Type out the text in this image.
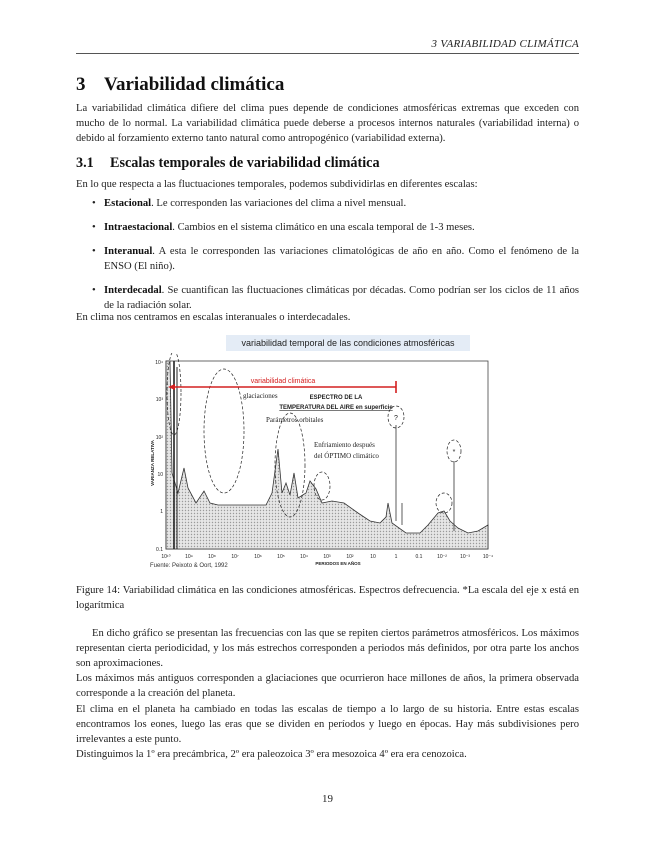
3 VARIABILIDAD CLIMÁTICA
3 Variabilidad climática
La variabilidad climática difiere del clima pues depende de condiciones atmosféricas extremas que exceden con mucho de lo normal. La variabilidad climática puede deberse a procesos internos naturales (variabilidad interna) o debido al forzamiento externo tanto natural como antropogénico (variabilidad externa).
3.1 Escalas temporales de variabilidad climática
En lo que respecta a las fluctuaciones temporales, podemos subdividirlas en diferentes escalas:
• Estacional. Le corresponden las variaciones del clima a nivel mensual.
• Intraestacional. Cambios en el sistema climático en una escala temporal de 1-3 meses.
• Interanual. A esta le corresponden las variaciones climatológicas de año en año. Como el fenómeno de la ENSO (El niño).
• Interdecadal. Se cuantifican las fluctuaciones climáticas por décadas. Como podrían ser los ciclos de 11 años de la radiación solar.
En clima nos centramos en escalas interanuales o interdecadales.
variabilidad temporal de las condiciones atmosféricas
variabilidad climática
glaciaciones	ESPECTRO DE LA
TEMPERATURA DEL AIRE en superficie
Parámetros orbitales
Enfriamiento después
del ÓPTIMO climático
?
*
10⁴
10³
10²
10
1
0.1
VARIANZA RELATIVA
10¹⁰	10⁹	10⁸	10⁷	10⁶	10⁵	10⁴	10³	10²	10	1	0.1	10⁻²	10⁻³	10⁻⁴
PERIODOS EN AÑOS
Fuente: Peixoto & Oort, 1992
Figure 14: Variabilidad climática en las condiciones atmosféricas. Espectros defrecuencia. *La escala del eje x está en logarítmica
En dicho gráfico se presentan las frecuencias con las que se repiten ciertos parámetros atmosféricos. Los máximos representan cierta periodicidad, y los más estrechos corresponden a periodos más definidos, por otra parte los anchos son aproximaciones.
Los máximos más antiguos corresponden a glaciaciones que ocurrieron hace millones de años, la primera observada corresponde a la creación del planeta.
El clima en el planeta ha cambiado en todas las escalas de tiempo a lo largo de su historia. Entre estas escalas encontramos los eones, luego las eras que se dividen en períodos y luego en épocas. Hay más subdivisiones pero irrelevantes a este punto.
Distinguimos la 1º era precámbrica, 2º era paleozoica 3º era mesozoica 4º era era cenozoica.
19
